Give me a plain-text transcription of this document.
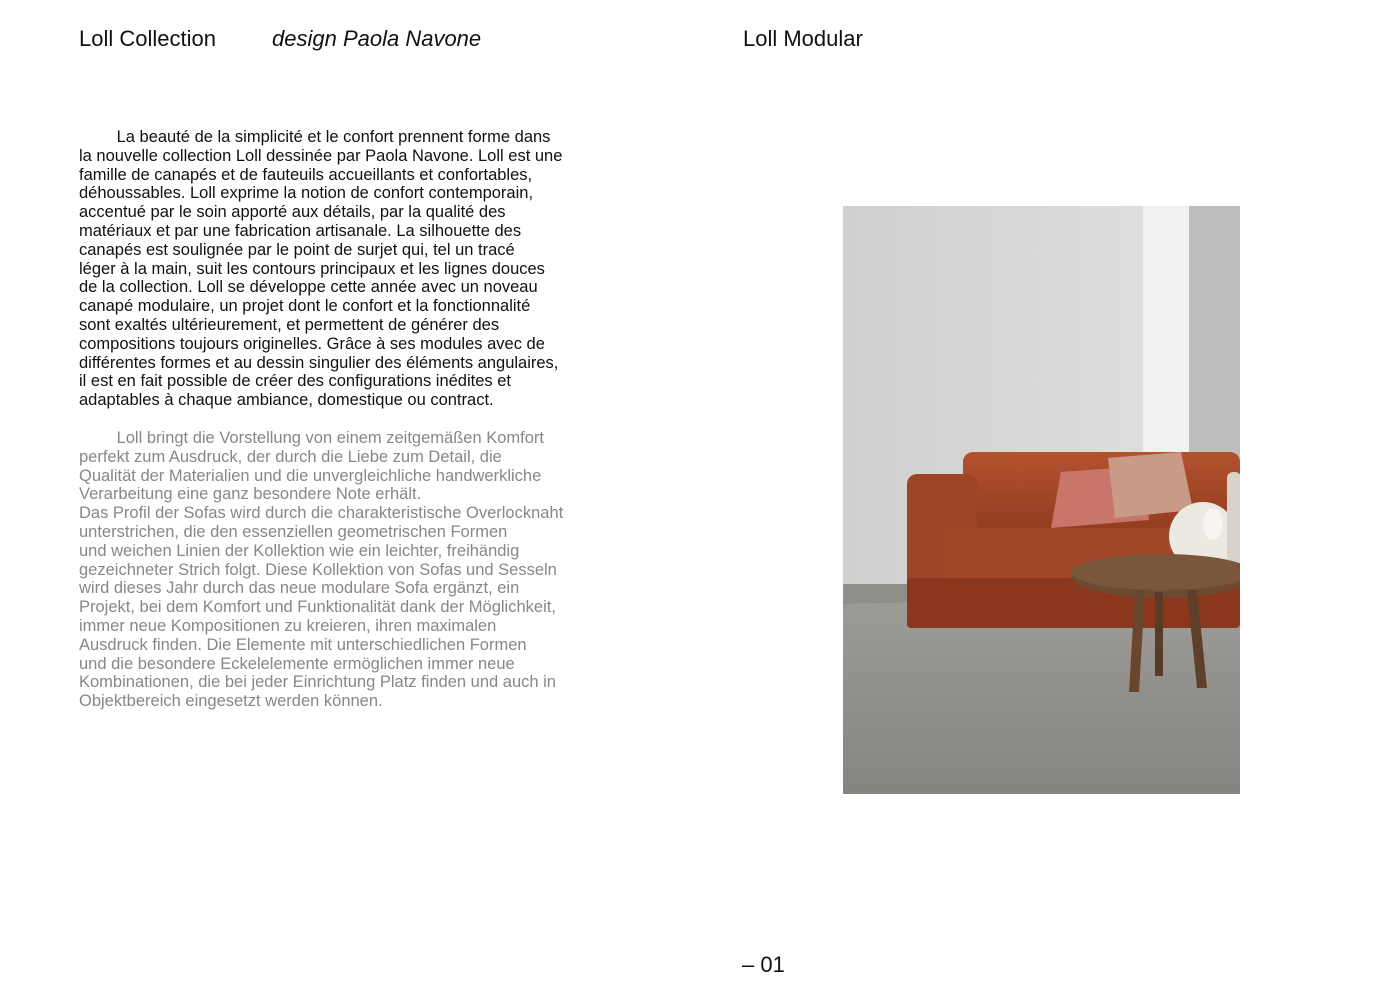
Loll Collection	design Paola Navone	Loll Modular

   La beauté de la simplicité et le confort prennent forme dans
la nouvelle collection Loll dessinée par Paola Navone. Loll est une
famille de canapés et de fauteuils accueillants et confortables,
déhoussables. Loll exprime la notion de confort contemporain,
accentué par le soin apporté aux détails, par la qualité des
matériaux et par une fabrication artisanale. La silhouette des
canapés est soulignée par le point de surjet qui, tel un tracé
léger à la main, suit les contours principaux et les lignes douces
de la collection. Loll se développe cette année avec un noveau
canapé modulaire, un projet dont le confort et la fonctionnalité
sont exaltés ultérieurement, et permettent de générer des
compositions toujours originelles. Grâce à ses modules avec de
différentes formes et au dessin singulier des éléments angulaires,
il est en fait possible de créer des configurations inédites et
adaptables à chaque ambiance, domestique ou contract.

   Loll bringt die Vorstellung von einem zeitgemäßen Komfort
perfekt zum Ausdruck, der durch die Liebe zum Detail, die
Qualität der Materialien und die unvergleichliche handwerkliche
Verarbeitung eine ganz besondere Note erhält.
Das Profil der Sofas wird durch die charakteristische Overlocknaht
unterstrichen, die den essenziellen geometrischen Formen
und weichen Linien der Kollektion wie ein leichter, freihändig
gezeichneter Strich folgt. Diese Kollektion von Sofas und Sesseln
wird dieses Jahr durch das neue modulare Sofa ergänzt, ein
Projekt, bei dem Komfort und Funktionalität dank der Möglichkeit,
immer neue Kompositionen zu kreieren, ihren maximalen
Ausdruck finden. Die Elemente mit unterschiedlichen Formen
und die besondere Eckelelemente ermöglichen immer neue
Kombinationen, die bei jeder Einrichtung Platz finden und auch in
Objektbereich eingesetzt werden können.

– 01
